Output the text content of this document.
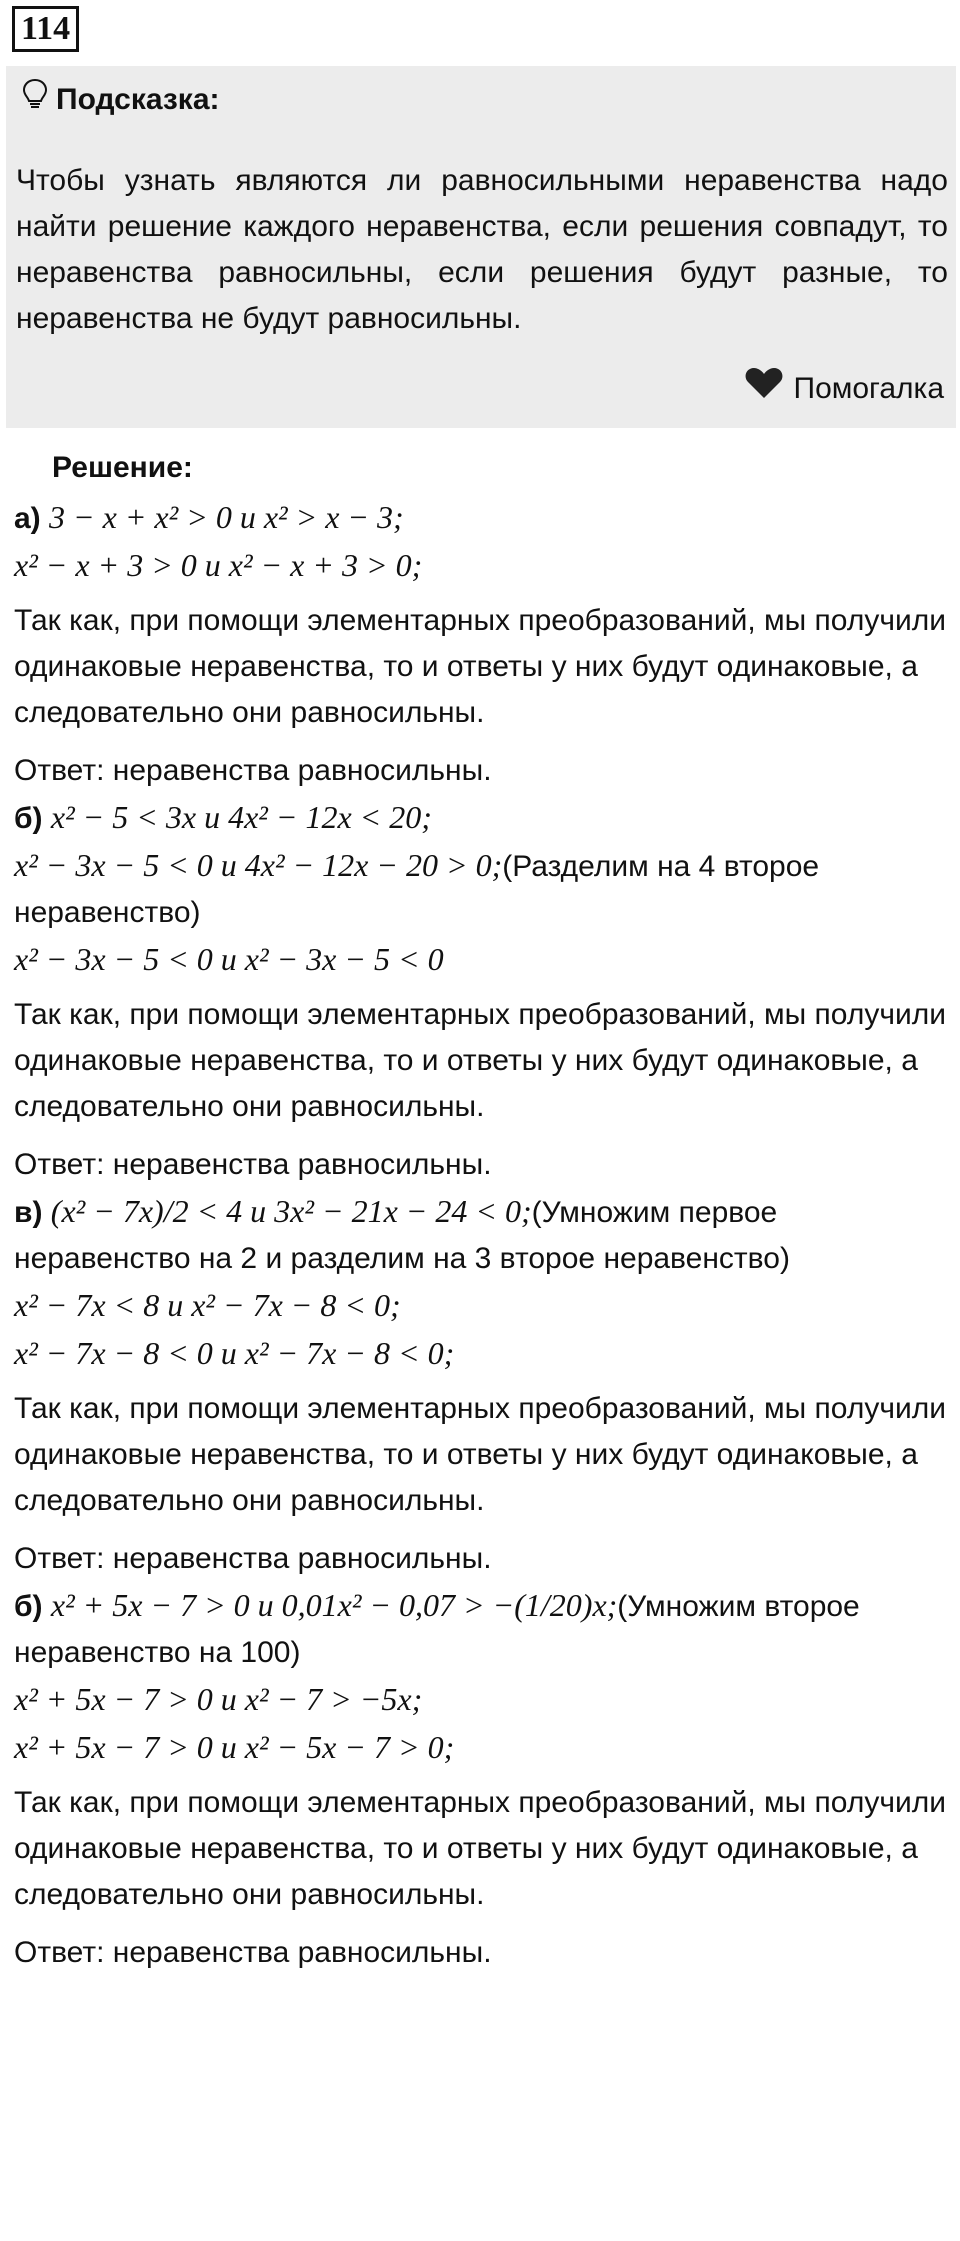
114
Подсказка:
Чтобы узнать являются ли равносильными неравенства надо найти решение каждого неравенства, если решения совпадут, то неравенства равносильны, если решения будут разные, то неравенства не будут равносильны.
Помогалка
Решение:

а) 3 − x + x² > 0 и x² > x − 3;

x² − x + 3 > 0 и x² − x + 3 > 0;

Так как, при помощи элементарных преобразований, мы получили одинаковые неравенства, то и ответы у них будут одинаковые, а следовательно они равносильны.

Ответ: неравенства равносильны.

б) x² − 5 < 3x и 4x² − 12x < 20;

x² − 3x − 5 < 0 и 4x² − 12x − 20 > 0;(Разделим на 4 второе неравенство)

x² − 3x − 5 < 0 и x² − 3x − 5 < 0

Так как, при помощи элементарных преобразований, мы получили одинаковые неравенства, то и ответы у них будут одинаковые, а следовательно они равносильны.

Ответ: неравенства равносильны.

в) (x² − 7x)/2 < 4 и 3x² − 21x − 24 < 0;(Умножим первое неравенство на 2 и разделим на 3 второе неравенство)

x² − 7x < 8 и x² − 7x − 8 < 0;

x² − 7x − 8 < 0 и x² − 7x − 8 < 0;

Так как, при помощи элементарных преобразований, мы получили одинаковые неравенства, то и ответы у них будут одинаковые, а следовательно они равносильны.

Ответ: неравенства равносильны.

б) x² + 5x − 7 > 0 и 0,01x² − 0,07 > −(1/20)x;(Умножим второе неравенство на 100)

x² + 5x − 7 > 0 и x² − 7 > −5x;

x² + 5x − 7 > 0 и x² − 5x − 7 > 0;

Так как, при помощи элементарных преобразований, мы получили одинаковые неравенства, то и ответы у них будут одинаковые, а следовательно они равносильны.

Ответ: неравенства равносильны.
